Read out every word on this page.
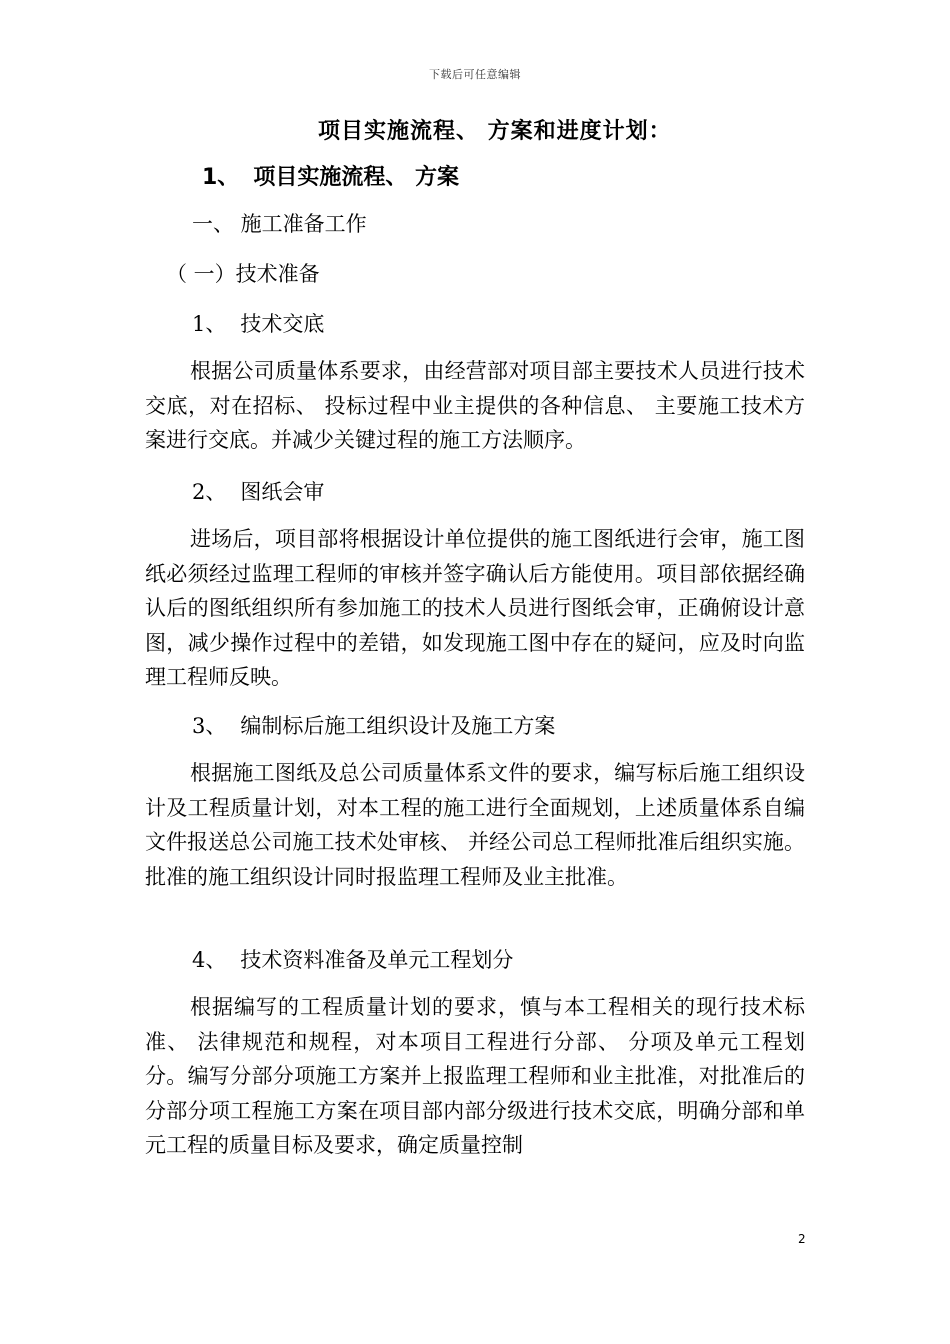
下载后可任意编辑
项目实施流程、 方案和进度计划：
1、 项目实施流程、 方案
一、 施工准备工作
（ 一）技术准备
1、 技术交底

根据公司质量体系要求，由经营部对项目部主要技术人员进行技术交底，对在招标、 投标过程中业主提供的各种信息、 主要施工技术方案进行交底。并减少关键过程的施工方法顺序。

2、 图纸会审

进场后，项目部将根据设计单位提供的施工图纸进行会审，施工图纸必须经过监理工程师的审核并签字确认后方能使用。项目部依据经确认后的图纸组织所有参加施工的技术人员进行图纸会审，正确俯设计意图，减少操作过程中的差错，如发现施工图中存在的疑问，应及时向监理工程师反映。

3、 编制标后施工组织设计及施工方案

根据施工图纸及总公司质量体系文件的要求，编写标后施工组织设计及工程质量计划，对本工程的施工进行全面规划，上述质量体系自编文件报送总公司施工技术处审核、 并经公司总工程师批准后组织实施。批准的施工组织设计同时报监理工程师及业主批准。

4、 技术资料准备及单元工程划分

根据编写的工程质量计划的要求，慎与本工程相关的现行技术标准、 法律规范和规程，对本项目工程进行分部、 分项及单元工程划分。编写分部分项施工方案并上报监理工程师和业主批准，对批准后的分部分项工程施工方案在项目部内部分级进行技术交底，明确分部和单元工程的质量目标及要求，确定质量控制

2
